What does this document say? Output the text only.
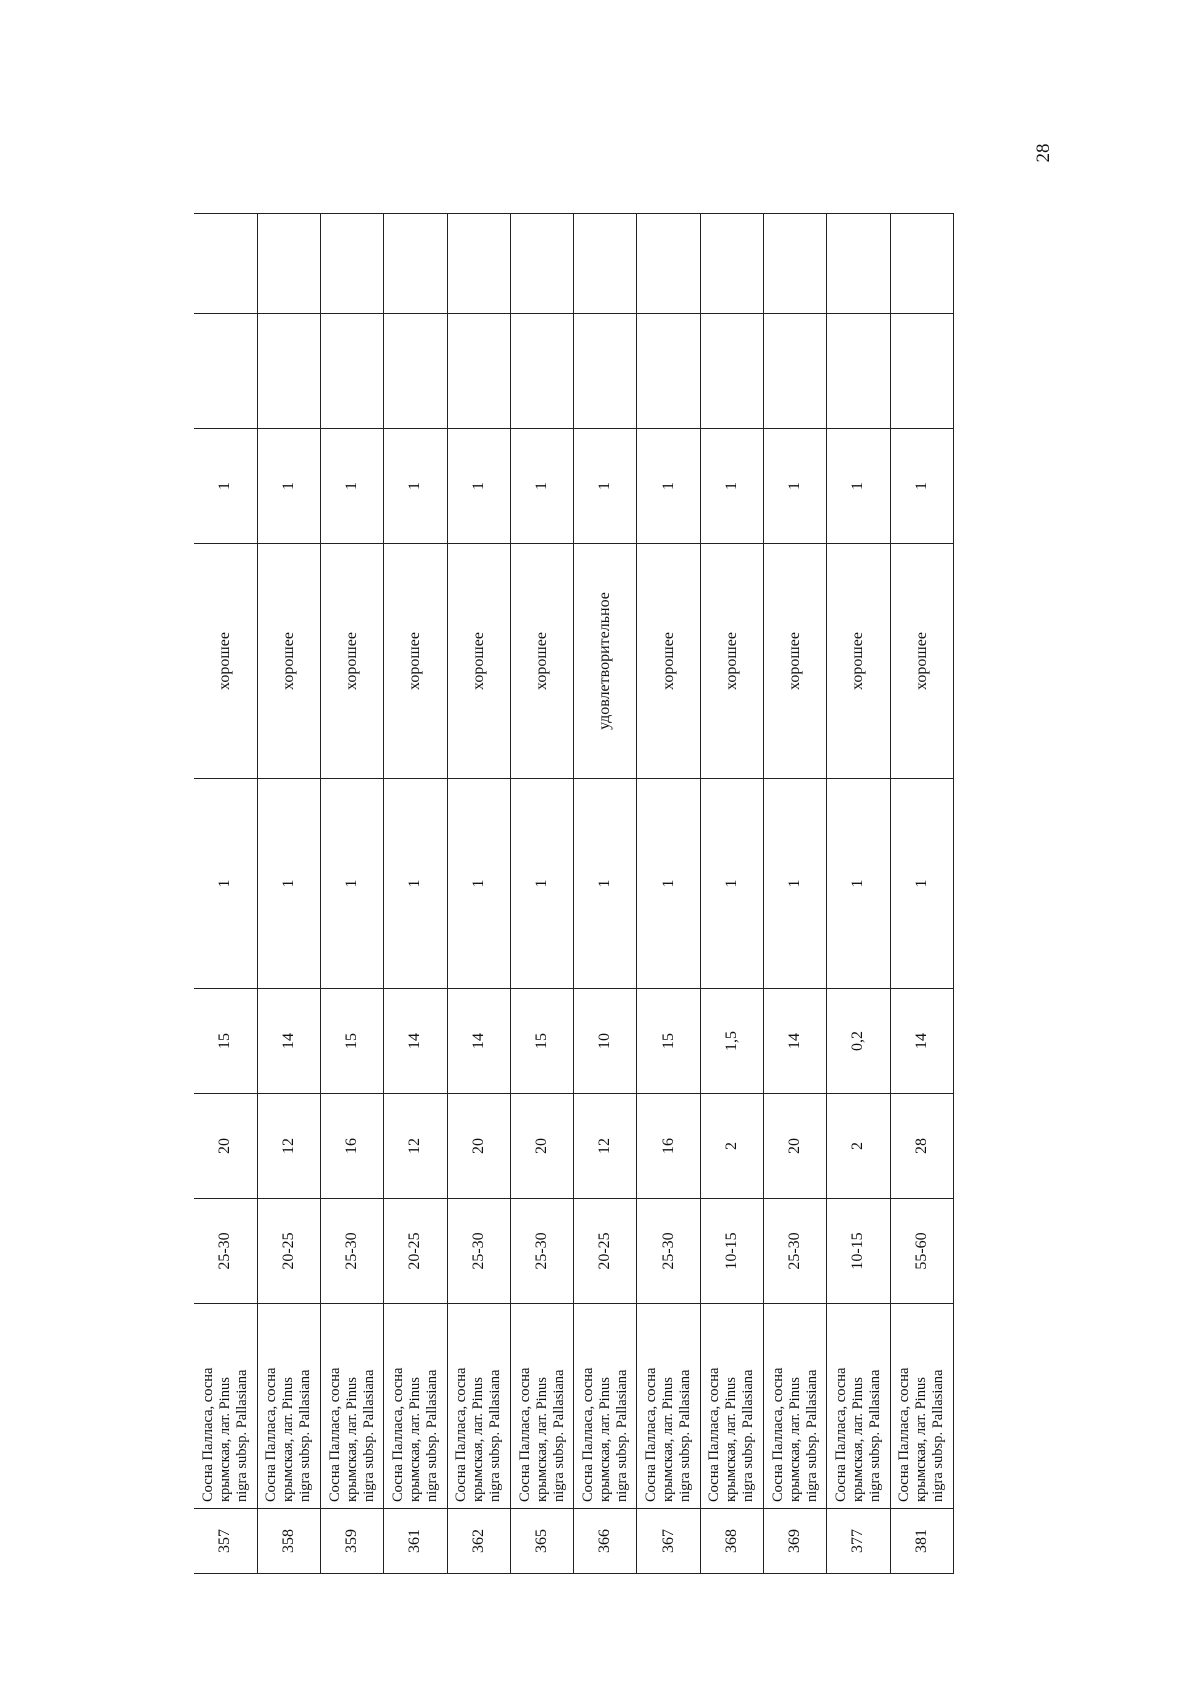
28
357	Сосна Палласа, сосна крымская, лат. Pinus nigra subsp. Pallasiana	25-30	20	15	1	хорошее	1		
358	Сосна Палласа, сосна крымская, лат. Pinus nigra subsp. Pallasiana	20-25	12	14	1	хорошее	1		
359	Сосна Палласа, сосна крымская, лат. Pinus nigra subsp. Pallasiana	25-30	16	15	1	хорошее	1		
361	Сосна Палласа, сосна крымская, лат. Pinus nigra subsp. Pallasiana	20-25	12	14	1	хорошее	1		
362	Сосна Палласа, сосна крымская, лат. Pinus nigra subsp. Pallasiana	25-30	20	14	1	хорошее	1		
365	Сосна Палласа, сосна крымская, лат. Pinus nigra subsp. Pallasiana	25-30	20	15	1	хорошее	1		
366	Сосна Палласа, сосна крымская, лат. Pinus nigra subsp. Pallasiana	20-25	12	10	1	удовлетворительное	1		
367	Сосна Палласа, сосна крымская, лат. Pinus nigra subsp. Pallasiana	25-30	16	15	1	хорошее	1		
368	Сосна Палласа, сосна крымская, лат. Pinus nigra subsp. Pallasiana	10-15	2	1,5	1	хорошее	1		
369	Сосна Палласа, сосна крымская, лат. Pinus nigra subsp. Pallasiana	25-30	20	14	1	хорошее	1		
377	Сосна Палласа, сосна крымская, лат. Pinus nigra subsp. Pallasiana	10-15	2	0,2	1	хорошее	1		
381	Сосна Палласа, сосна крымская, лат. Pinus nigra subsp. Pallasiana	55-60	28	14	1	хорошее	1		
